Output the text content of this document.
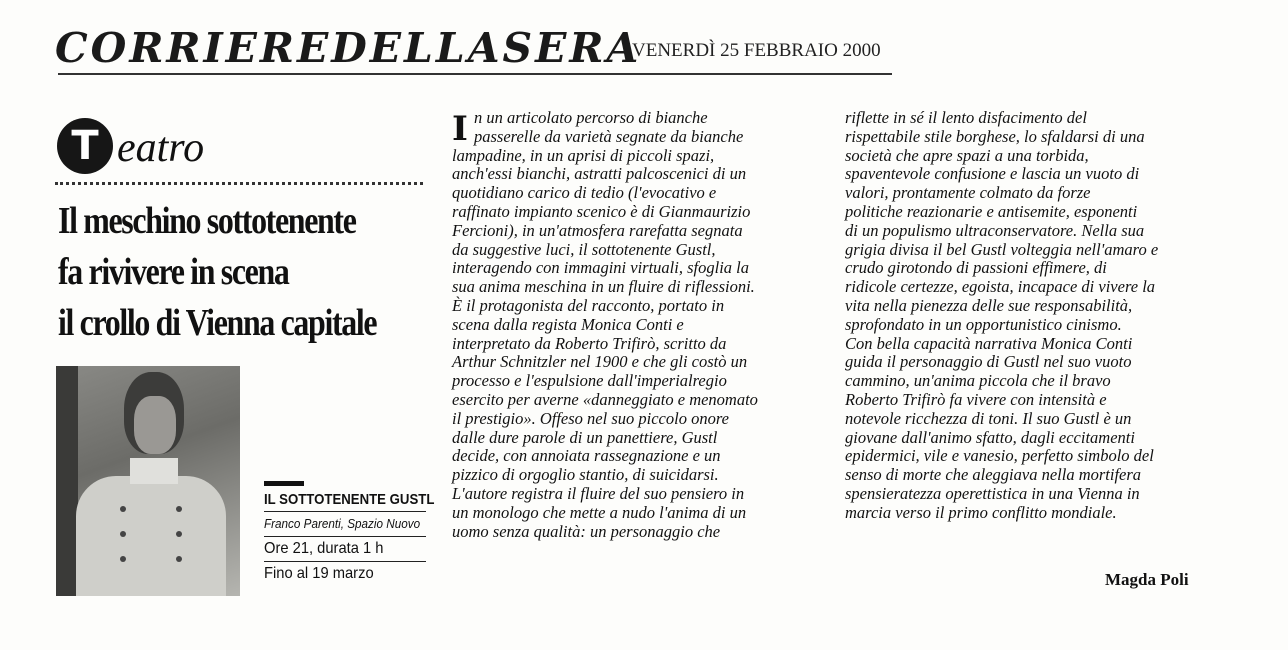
CORRIEREDELLASERA
VENERDÌ 25 FEBBRAIO 2000
T eatro
Il meschino sottotenente
fa rivivere in scena
il crollo di Vienna capitale
IL SOTTOTENENTE GUSTL
Franco Parenti, Spazio Nuovo
Ore 21, durata 1 h
Fino al 19 marzo
I n un articolato percorso di bianche
passerelle da varietà segnate da bianche
lampadine, in un aprisi di piccoli spazi,
anch'essi bianchi, astratti palcoscenici di un
quotidiano carico di tedio (l'evocativo e
raffinato impianto scenico è di Gianmaurizio
Fercioni), in un'atmosfera rarefatta segnata
da suggestive luci, il sottotenente Gustl,
interagendo con immagini virtuali, sfoglia la
sua anima meschina in un fluire di riflessioni.
È il protagonista del racconto, portato in
scena dalla regista Monica Conti e
interpretato da Roberto Trifirò, scritto da
Arthur Schnitzler nel 1900 e che gli costò un
processo e l'espulsione dall'imperialregio
esercito per averne «danneggiato e menomato
il prestigio». Offeso nel suo piccolo onore
dalle dure parole di un panettiere, Gustl
decide, con annoiata rassegnazione e un
pizzico di orgoglio stantio, di suicidarsi.
L'autore registra il fluire del suo pensiero in
un monologo che mette a nudo l'anima di un
uomo senza qualità: un personaggio che
riflette in sé il lento disfacimento del
rispettabile stile borghese, lo sfaldarsi di una
società che apre spazi a una torbida,
spaventevole confusione e lascia un vuoto di
valori, prontamente colmato da forze
politiche reazionarie e antisemite, esponenti
di un populismo ultraconservatore. Nella sua
grigia divisa il bel Gustl volteggia nell'amaro e
crudo girotondo di passioni effimere, di
ridicole certezze, egoista, incapace di vivere la
vita nella pienezza delle sue responsabilità,
sprofondato in un opportunistico cinismo.
Con bella capacità narrativa Monica Conti
guida il personaggio di Gustl nel suo vuoto
cammino, un'anima piccola che il bravo
Roberto Trifirò fa vivere con intensità e
notevole ricchezza di toni. Il suo Gustl è un
giovane dall'animo sfatto, dagli eccitamenti
epidermici, vile e vanesio, perfetto simbolo del
senso di morte che aleggiava nella mortifera
spensieratezza operettistica in una Vienna in
marcia verso il primo conflitto mondiale.
Magda Poli
